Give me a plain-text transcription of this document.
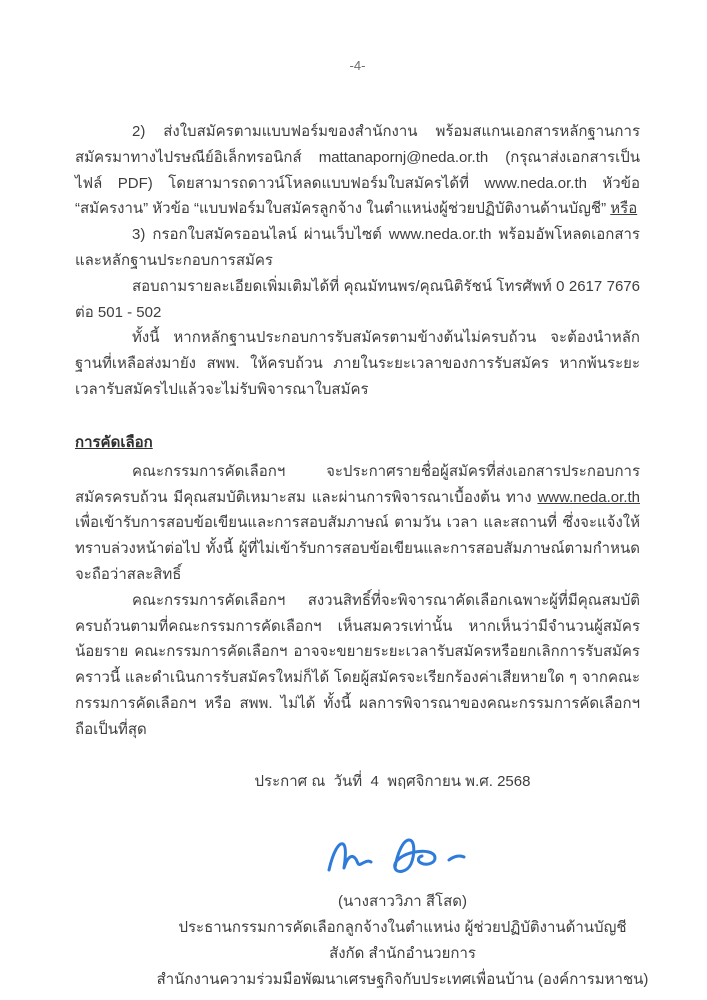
-4-

2) ส่งใบสมัครตามแบบฟอร์มของสำนักงาน พร้อมสแกนเอกสารหลักฐานการสมัครมาทางไปรษณีย์อิเล็กทรอนิกส์ mattanapornj@neda.or.th (กรุณาส่งเอกสารเป็นไฟล์ PDF) โดยสามารถดาวน์โหลดแบบฟอร์มใบสมัครได้ที่ www.neda.or.th หัวข้อ “สมัครงาน” หัวข้อ “แบบฟอร์มใบสมัครลูกจ้าง ในตำแหน่งผู้ช่วยปฏิบัติงานด้านบัญชี” หรือ

3) กรอกใบสมัครออนไลน์ ผ่านเว็บไซต์ www.neda.or.th พร้อมอัพโหลดเอกสารและหลักฐานประกอบการสมัคร

สอบถามรายละเอียดเพิ่มเติมได้ที่ คุณมัทนพร/คุณนิติรัชน์ โทรศัพท์ 0 2617 7676 ต่อ 501 - 502

ทั้งนี้ หากหลักฐานประกอบการรับสมัครตามข้างต้นไม่ครบถ้วน จะต้องนำหลักฐานที่เหลือส่งมายัง สพพ. ให้ครบถ้วน ภายในระยะเวลาของการรับสมัคร หากพ้นระยะเวลารับสมัครไปแล้วจะไม่รับพิจารณาใบสมัคร

การคัดเลือก

คณะกรรมการคัดเลือกฯ จะประกาศรายชื่อผู้สมัครที่ส่งเอกสารประกอบการสมัครครบถ้วน มีคุณสมบัติเหมาะสม และผ่านการพิจารณาเบื้องต้น ทาง www.neda.or.th เพื่อเข้ารับการสอบข้อเขียนและการสอบสัมภาษณ์ ตามวัน เวลา และสถานที่ ซึ่งจะแจ้งให้ทราบล่วงหน้าต่อไป ทั้งนี้ ผู้ที่ไม่เข้ารับการสอบข้อเขียนและการสอบสัมภาษณ์ตามกำหนดจะถือว่าสละสิทธิ์

คณะกรรมการคัดเลือกฯ สงวนสิทธิ์ที่จะพิจารณาคัดเลือกเฉพาะผู้ที่มีคุณสมบัติครบถ้วนตามที่คณะกรรมการคัดเลือกฯ เห็นสมควรเท่านั้น หากเห็นว่ามีจำนวนผู้สมัครน้อยราย คณะกรรมการคัดเลือกฯ อาจจะขยายระยะเวลารับสมัครหรือยกเลิกการรับสมัครคราวนี้ และดำเนินการรับสมัครใหม่ก็ได้ โดยผู้สมัครจะเรียกร้องค่าเสียหายใด ๆ จากคณะกรรมการคัดเลือกฯ หรือ สพพ. ไม่ได้ ทั้งนี้ ผลการพิจารณาของคณะกรรมการคัดเลือกฯ ถือเป็นที่สุด

ประกาศ ณ  วันที่  4  พฤศจิกายน พ.ศ. 2568
(นางสาววิภา สีโสด)
ประธานกรรมการคัดเลือกลูกจ้างในตำแหน่ง ผู้ช่วยปฏิบัติงานด้านบัญชี
สังกัด สำนักอำนวยการ
สำนักงานความร่วมมือพัฒนาเศรษฐกิจกับประเทศเพื่อนบ้าน (องค์การมหาชน)
